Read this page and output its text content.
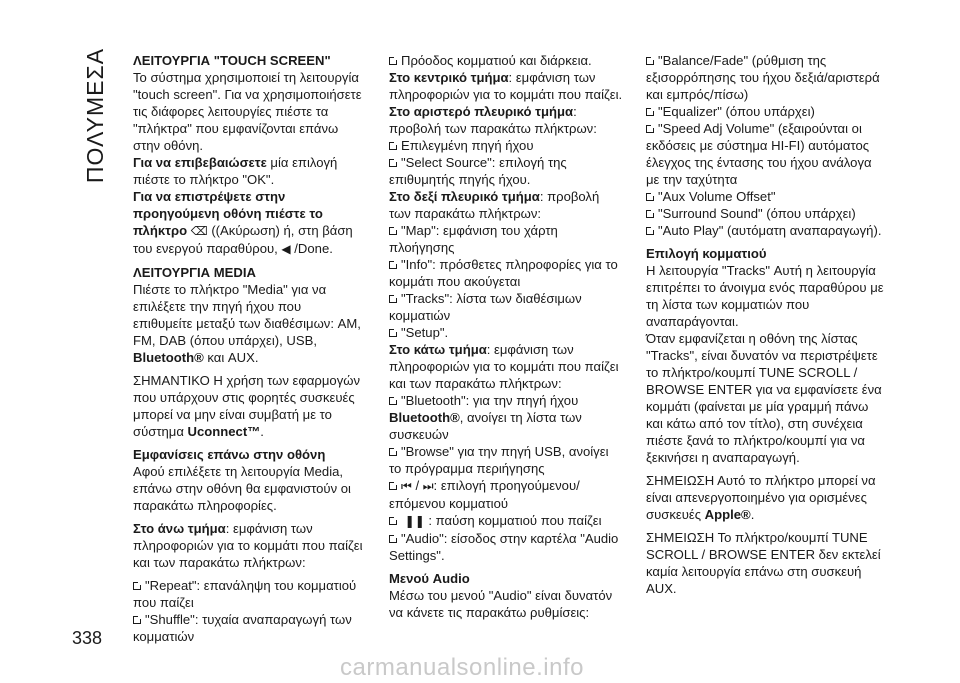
ΠΟΛΥΜΕΣΑ
338

ΛΕΙΤΟΥΡΓΙΑ "TOUCH SCREEN"

Το σύστημα χρησιμοποιεί τη λειτουργία "touch screen". Για να χρησιμοποιήσετε τις διάφορες λειτουργίες πιέστε τα "πλήκτρα" που εμφανίζονται επάνω στην οθόνη.

Για να επιβεβαιώσετε μία επιλογή πιέστε το πλήκτρο "OK".

Για να επιστρέψετε στην προηγούμενη οθόνη πιέστε το πλήκτρο ⌫ ((Ακύρωση) ή, στη βάση του ενεργού παραθύρου, ◀ /Done.

ΛΕΙΤΟΥΡΓΙΑ MEDIA

Πιέστε το πλήκτρο "Media" για να επιλέξετε την πηγή ήχου που επιθυμείτε μεταξύ των διαθέσιμων: AM, FM, DAB (όπου υπάρχει), USB, Bluetooth® και AUX.

ΣΗΜΑΝΤΙΚΟ Η χρήση των εφαρμογών που υπάρχουν στις φορητές συσκευές μπορεί να μην είναι συμβατή με το σύστημα Uconnect™.

Εμφανίσεις επάνω στην οθόνη

Αφού επιλέξετε τη λειτουργία Media, επάνω στην οθόνη θα εμφανιστούν οι παρακάτω πληροφορίες.

Στο άνω τμήμα: εμφάνιση των πληροφοριών για το κομμάτι που παίζει και των παρακάτω πλήκτρων:

"Repeat": επανάληψη του κομματιού που παίζει

"Shuffle": τυχαία αναπαραγωγή των κομματιών

Πρόοδος κομματιού και διάρκεια.

Στο κεντρικό τμήμα: εμφάνιση των πληροφοριών για το κομμάτι που παίζει.

Στο αριστερό πλευρικό τμήμα: προβολή των παρακάτω πλήκτρων:

Επιλεγμένη πηγή ήχου

"Select Source": επιλογή της επιθυμητής πηγής ήχου.

Στο δεξί πλευρικό τμήμα: προβολή των παρακάτω πλήκτρων:

"Map": εμφάνιση του χάρτη πλοήγησης

"Info": πρόσθετες πληροφορίες για το κομμάτι που ακούγεται

"Tracks": λίστα των διαθέσιμων κομματιών

"Setup".

Στο κάτω τμήμα: εμφάνιση των πληροφοριών για το κομμάτι που παίζει και των παρακάτω πλήκτρων:

"Bluetooth": για την πηγή ήχου Bluetooth®, ανοίγει τη λίστα των συσκευών

"Browse" για την πηγή USB, ανοίγει το πρόγραμμα περιήγησης

⏮ / ⏭: επιλογή προηγούμενου/επόμενου κομματιού

❚❚ : παύση κομματιού που παίζει

"Audio": είσοδος στην καρτέλα "Audio Settings".

Μενού Audio

Μέσω του μενού "Audio" είναι δυνατόν να κάνετε τις παρακάτω ρυθμίσεις:

"Balance/Fade" (ρύθμιση της εξισορρόπησης του ήχου δεξιά/αριστερά και εμπρός/πίσω)

"Equalizer" (όπου υπάρχει)

"Speed Adj Volume" (εξαιρούνται οι εκδόσεις με σύστημα HI-FI) αυτόματος έλεγχος της έντασης του ήχου ανάλογα με την ταχύτητα

"Aux Volume Offset"

"Surround Sound" (όπου υπάρχει)

"Auto Play" (αυτόματη αναπαραγωγή).

Επιλογή κομματιού

Η λειτουργία "Tracks" Αυτή η λειτουργία επιτρέπει το άνοιγμα ενός παραθύρου με τη λίστα των κομματιών που αναπαράγονται.

Όταν εμφανίζεται η οθόνη της λίστας "Tracks", είναι δυνατόν να περιστρέψετε το πλήκτρο/κουμπί TUNE SCROLL / BROWSE ENTER για να εμφανίσετε ένα κομμάτι (φαίνεται με μία γραμμή πάνω και κάτω από τον τίτλο), στη συνέχεια πιέστε ξανά το πλήκτρο/κουμπί για να ξεκινήσει η αναπαραγωγή.

ΣΗΜΕΙΩΣΗ Αυτό το πλήκτρο μπορεί να είναι απενεργοποιημένο για ορισμένες συσκευές Apple®.

ΣΗΜΕΙΩΣΗ Το πλήκτρο/κουμπί TUNE SCROLL / BROWSE ENTER δεν εκτελεί καμία λειτουργία επάνω στη συσκευή AUX.

carmanualsonline.info
